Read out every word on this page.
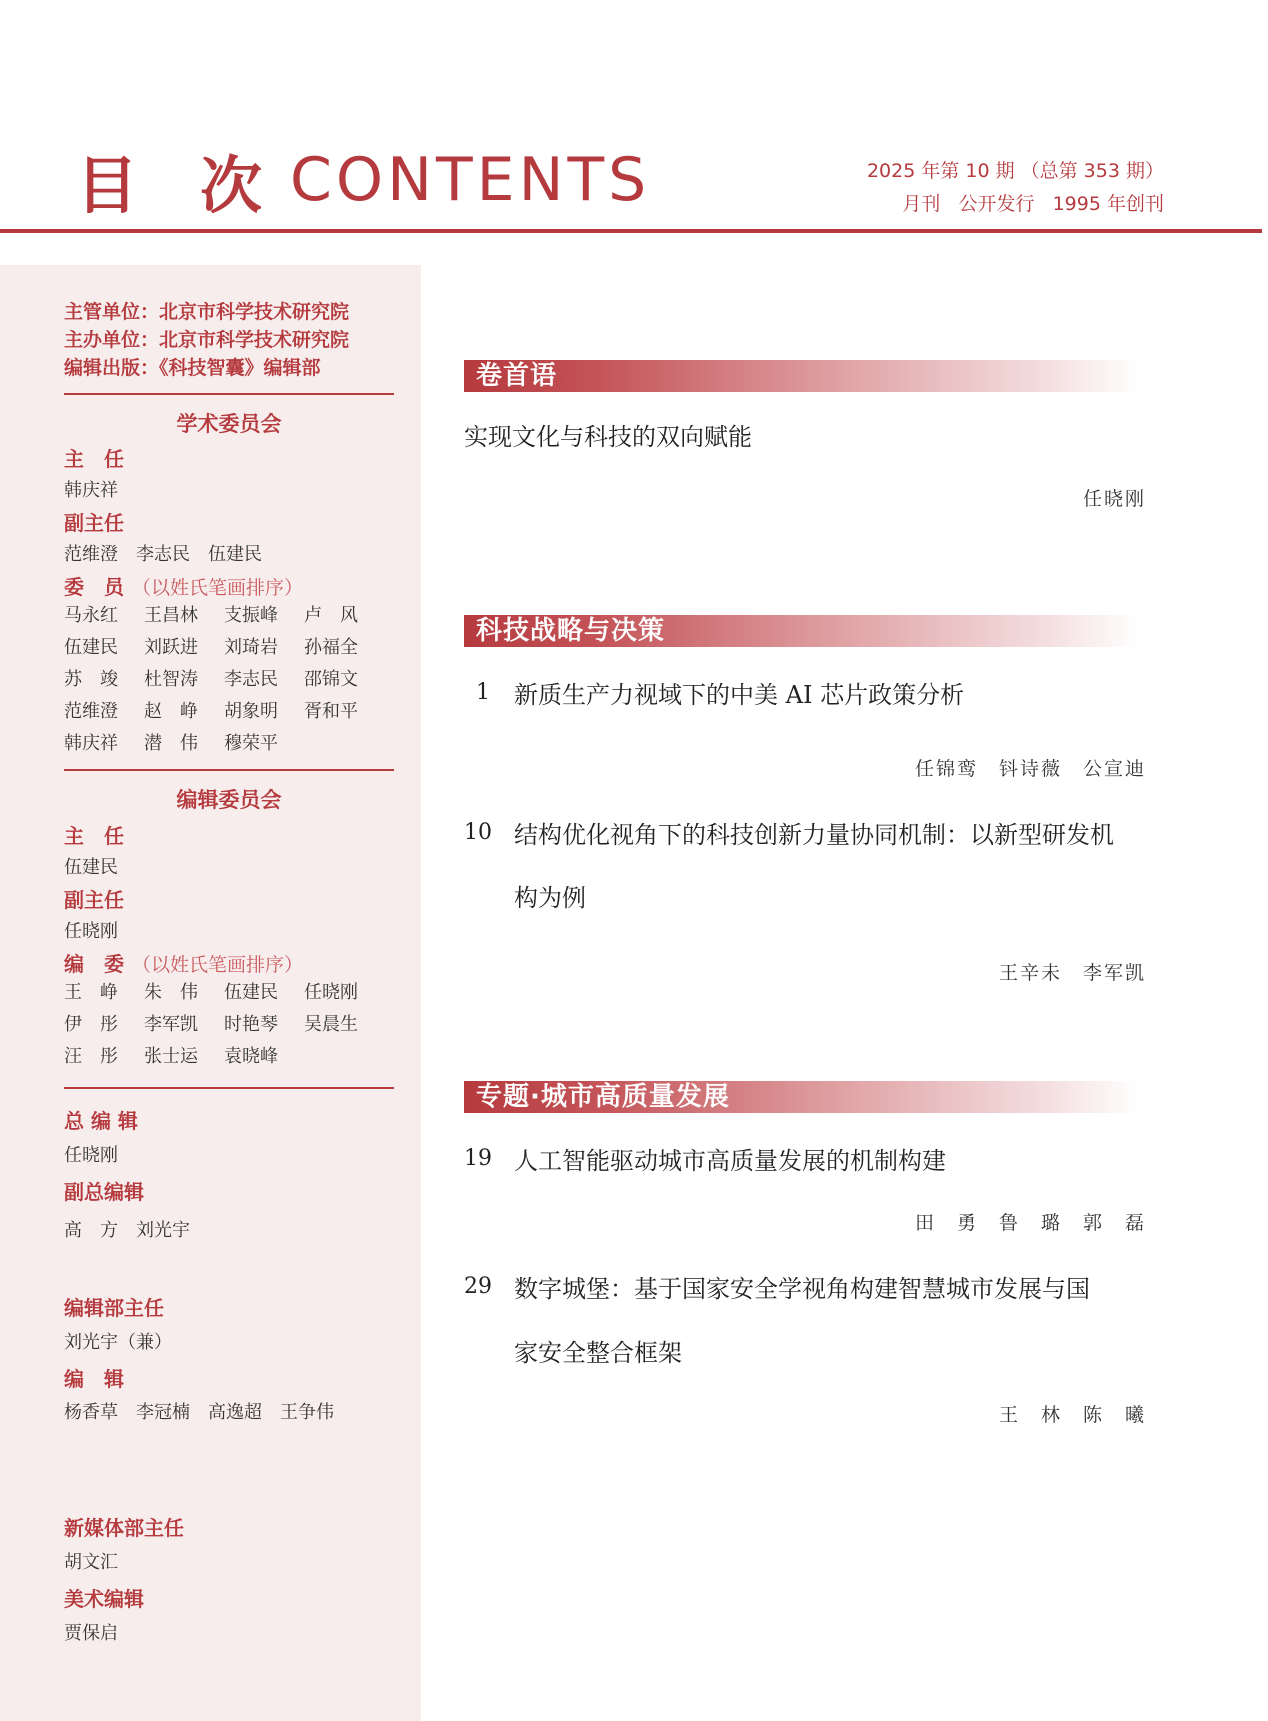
目 次 CONTENTS	2025 年第 10 期 （总第 353 期）
月刊   公开发行   1995 年创刊
主管单位：北京市科学技术研究院
主办单位：北京市科学技术研究院
编辑出版：《科技智囊》编辑部
学术委员会
主　任
韩庆祥
副主任
范维澄　李志民　伍建民
委　员 （以姓氏笔画排序）
马永红	王昌林	支振峰	卢　风
伍建民	刘跃进	刘琦岩	孙福全
苏　竣	杜智涛	李志民	邵锦文
范维澄	赵　峥	胡象明	胥和平
韩庆祥	潜　伟	穆荣平
编辑委员会
主　任
伍建民
副主任
任晓刚
编　委 （以姓氏笔画排序）
王　峥	朱　伟	伍建民	任晓刚
伊　彤	李军凯	时艳琴	吴晨生
汪　彤	张士运	袁晓峰
总 编 辑
任晓刚
副总编辑
高　方　刘光宇
编辑部主任
刘光宇（兼）
编　辑
杨香草　李冠楠　高逸超　王争伟
新媒体部主任
胡文汇
美术编辑
贾保启
卷首语
实现文化与科技的双向赋能
任晓刚
科技战略与决策
1 新质生产力视域下的中美 AI 芯片政策分析
任锦鸾　钭诗薇　公宣迪
10 结构优化视角下的科技创新力量协同机制：以新型研发机
构为例
王辛未　李军凯
专题·城市高质量发展
19 人工智能驱动城市高质量发展的机制构建
田　勇　鲁　璐　郭　磊
29 数字城堡：基于国家安全学视角构建智慧城市发展与国
家安全整合框架
王　林　陈　曦
